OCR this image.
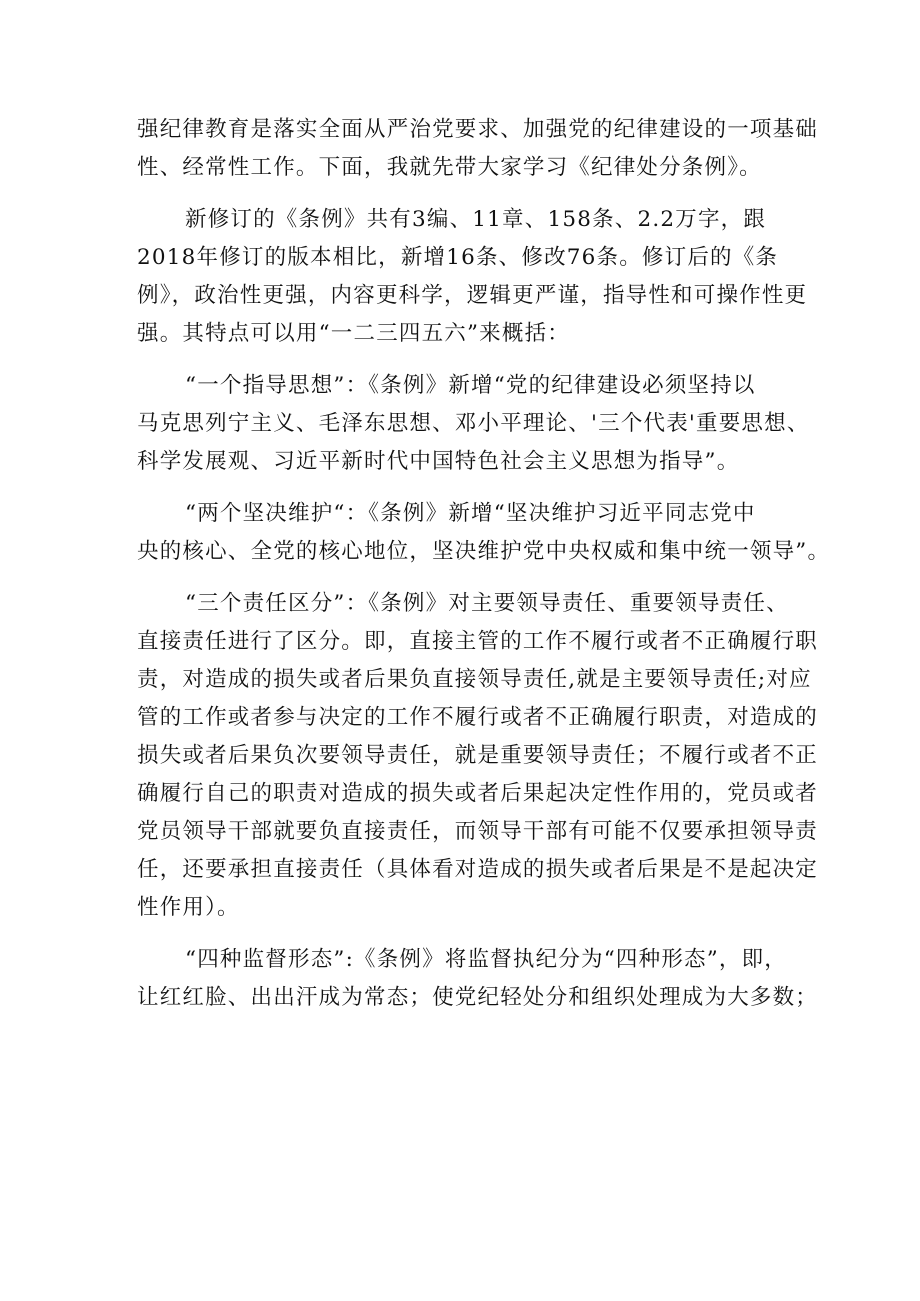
强纪律教育是落实全面从严治党要求、加强党的纪律建设的一项基础
性、经常性工作。下面，我就先带大家学习《纪律处分条例》。
新修订的《条例》共有3编、11章、158条、2.2万字，跟
2018年修订的版本相比，新增16条、修改76条。修订后的《条
例》，政治性更强，内容更科学，逻辑更严谨，指导性和可操作性更
强。其特点可以用“一二三四五六”来概括：
“一个指导思想”：《条例》新增“党的纪律建设必须坚持以
马克思列宁主义、毛泽东思想、邓小平理论、'三个代表'重要思想、
科学发展观、习近平新时代中国特色社会主义思想为指导”。
“两个坚决维护“：《条例》新增“坚决维护习近平同志党中
央的核心、全党的核心地位，坚决维护党中央权威和集中统一领导”。
“三个责任区分”：《条例》对主要领导责任、重要领导责任、
直接责任进行了区分。即，直接主管的工作不履行或者不正确履行职
责，对造成的损失或者后果负直接领导责任,就是主要领导责任;对应
管的工作或者参与决定的工作不履行或者不正确履行职责，对造成的
损失或者后果负次要领导责任，就是重要领导责任；不履行或者不正
确履行自己的职责对造成的损失或者后果起决定性作用的，党员或者
党员领导干部就要负直接责任，而领导干部有可能不仅要承担领导责
任，还要承担直接责任（具体看对造成的损失或者后果是不是起决定
性作用）。
“四种监督形态”:《条例》将监督执纪分为“四种形态”，即，
让红红脸、出出汗成为常态；使党纪轻处分和组织处理成为大多数；
